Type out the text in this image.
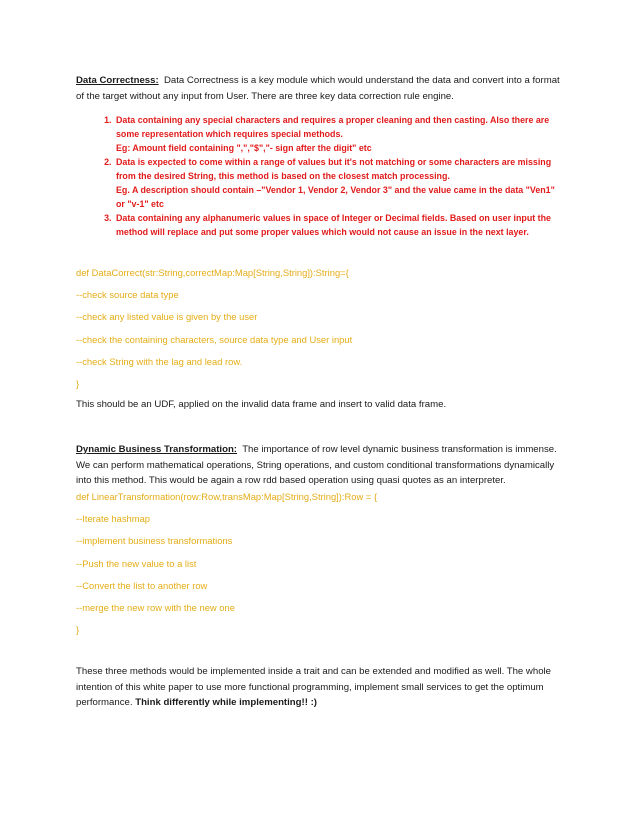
Data Correctness: Data Correctness is a key module which would understand the data and convert into a format of the target without any input from User. There are three key data correction rule engine.

1. Data containing any special characters and requires a proper cleaning and then casting. Also there are some representation which requires special methods.
Eg: Amount field containing ",","$","- sign after the digit" etc
2. Data is expected to come within a range of values but it's not matching or some characters are missing from the desired String, this method is based on the closest match processing.
Eg. A description should contain –"Vendor 1, Vendor 2, Vendor 3" and the value came in the data "Ven1" or "v-1" etc
3. Data containing any alphanumeric values in space of Integer or Decimal fields. Based on user input the method will replace and put some proper values which would not cause an issue in the next layer.

def DataCorrect(str:String,correctMap:Map[String,String]):String={

--check source data type

--check any listed value is given by the user

--check the containing characters, source data type and User input

--check String with the lag and lead row.

}

This should be an UDF, applied on the invalid data frame and insert to valid data frame.

Dynamic Business Transformation: The importance of row level dynamic business transformation is immense. We can perform mathematical operations, String operations, and custom conditional transformations dynamically into this method. This would be again a row rdd based operation using quasi quotes as an interpreter.

def LinearTransformation(row:Row,transMap:Map[String,String]):Row = {

--Iterate hashmap

--implement business transformations

--Push the new value to a list

--Convert the list to another row

--merge the new row with the new one

}

These three methods would be implemented inside a trait and can be extended and modified as well. The whole intention of this white paper to use more functional programming, implement small services to get the optimum performance. Think differently while implementing!! :)
